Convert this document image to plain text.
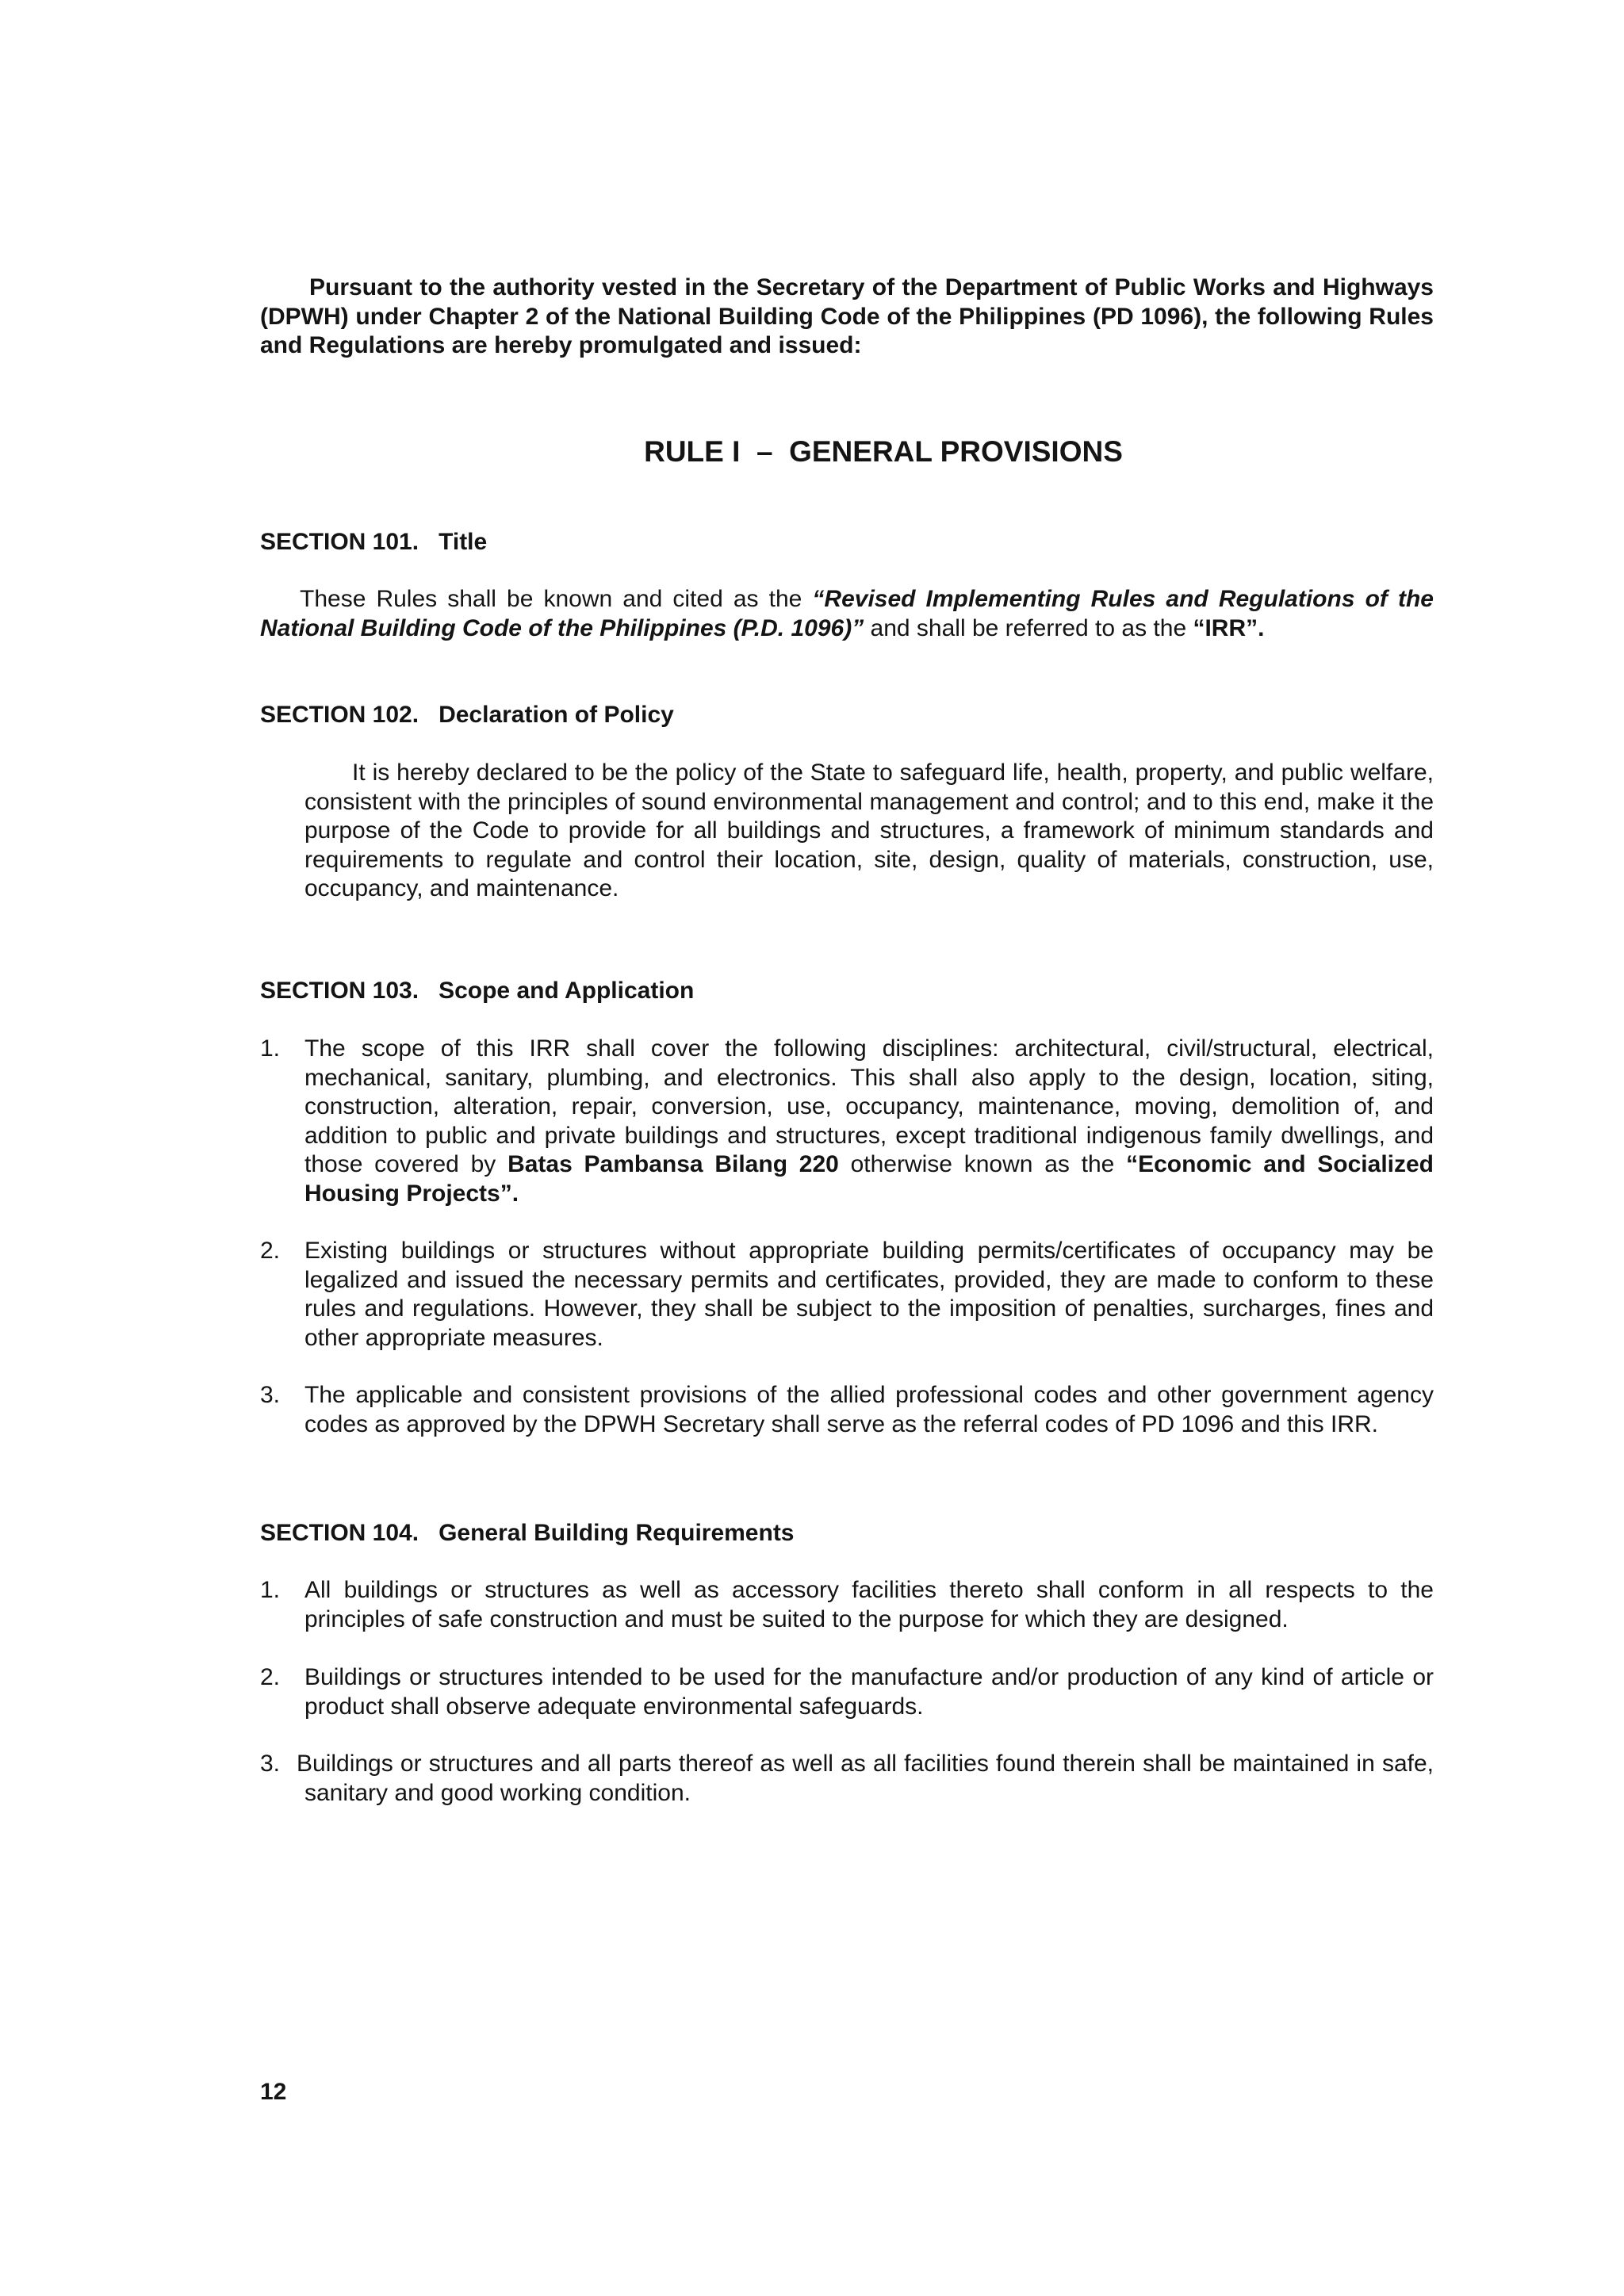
Pursuant to the authority vested in the Secretary of the Department of Public Works and Highways (DPWH) under Chapter 2 of the National Building Code of the Philippines (PD 1096), the following Rules and Regulations are hereby promulgated and issued:
RULE I  –  GENERAL PROVISIONS
SECTION 101.   Title
These Rules shall be known and cited as the “Revised Implementing Rules and Regulations of the National Building Code of the Philippines (P.D. 1096)” and shall be referred to as the “IRR”.
SECTION 102.   Declaration of Policy
It is hereby declared to be the policy of the State to safeguard life, health, property, and public welfare, consistent with the principles of sound environmental management and control; and to this end, make it the purpose of the Code to provide for all buildings and structures, a framework of minimum standards and requirements to regulate and control their location, site, design, quality of materials, construction, use, occupancy, and maintenance.
SECTION 103.   Scope and Application
1. The scope of this IRR shall cover the following disciplines: architectural, civil/structural, electrical, mechanical, sanitary, plumbing, and electronics. This shall also apply to the design, location, siting, construction, alteration, repair, conversion, use, occupancy, maintenance, moving, demolition of, and addition to public and private buildings and structures, except traditional indigenous family dwellings, and those covered by Batas Pambansa Bilang 220 otherwise known as the “Economic and Socialized Housing Projects”.
2. Existing buildings or structures without appropriate building permits/certificates of occupancy may be legalized and issued the necessary permits and certificates, provided, they are made to conform to these rules and regulations. However, they shall be subject to the imposition of penalties, surcharges, fines and other appropriate measures.
3. The applicable and consistent provisions of the allied professional codes and other government agency codes as approved by the DPWH Secretary shall serve as the referral codes of PD 1096 and this IRR.
SECTION 104.   General Building Requirements
1. All buildings or structures as well as accessory facilities thereto shall conform in all respects to the principles of safe construction and must be suited to the purpose for which they are designed.
2. Buildings or structures intended to be used for the manufacture and/or production of any kind of article or product shall observe adequate environmental safeguards.
3. Buildings or structures and all parts thereof as well as all facilities found therein shall be maintained in safe, sanitary and good working condition.
12
